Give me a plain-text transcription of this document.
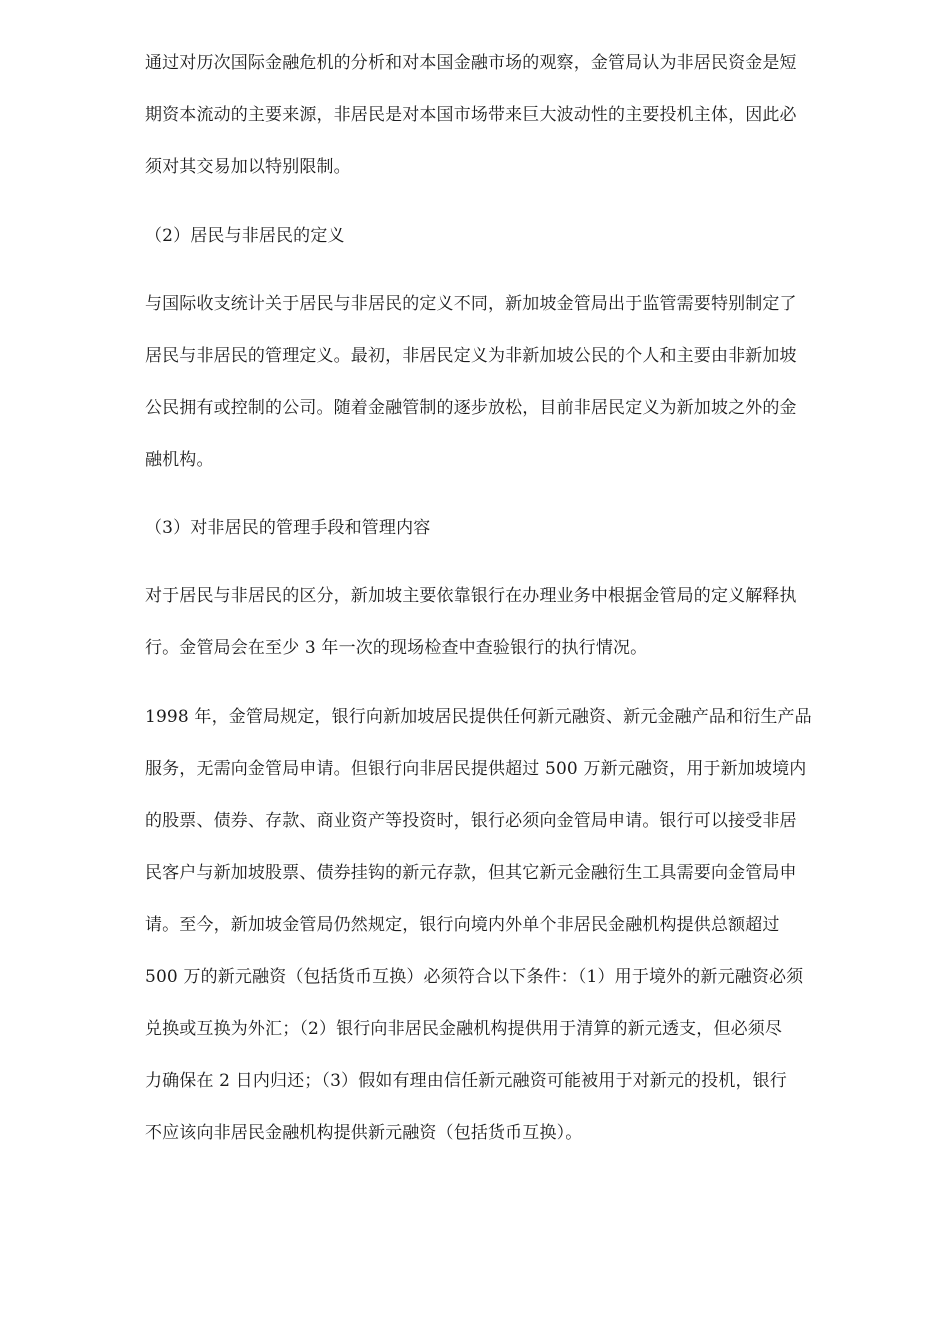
通过对历次国际金融危机的分析和对本国金融市场的观察，金管局认为非居民资金是短
期资本流动的主要来源，非居民是对本国市场带来巨大波动性的主要投机主体，因此必
须对其交易加以特别限制。
（2）居民与非居民的定义
与国际收支统计关于居民与非居民的定义不同，新加坡金管局出于监管需要特别制定了
居民与非居民的管理定义。最初，非居民定义为非新加坡公民的个人和主要由非新加坡
公民拥有或控制的公司。随着金融管制的逐步放松，目前非居民定义为新加坡之外的金
融机构。
（3）对非居民的管理手段和管理内容
对于居民与非居民的区分，新加坡主要依靠银行在办理业务中根据金管局的定义解释执
行。金管局会在至少 3 年一次的现场检查中查验银行的执行情况。
1998 年，金管局规定，银行向新加坡居民提供任何新元融资、新元金融产品和衍生产品
服务，无需向金管局申请。但银行向非居民提供超过 500 万新元融资，用于新加坡境内
的股票、债券、存款、商业资产等投资时，银行必须向金管局申请。银行可以接受非居
民客户与新加坡股票、债券挂钩的新元存款，但其它新元金融衍生工具需要向金管局申
请。至今，新加坡金管局仍然规定，银行向境内外单个非居民金融机构提供总额超过
500 万的新元融资（包括货币互换）必须符合以下条件：（1）用于境外的新元融资必须
兑换或互换为外汇；（2）银行向非居民金融机构提供用于清算的新元透支，但必须尽
力确保在 2 日内归还；（3）假如有理由信任新元融资可能被用于对新元的投机，银行
不应该向非居民金融机构提供新元融资（包括货币互换）。
